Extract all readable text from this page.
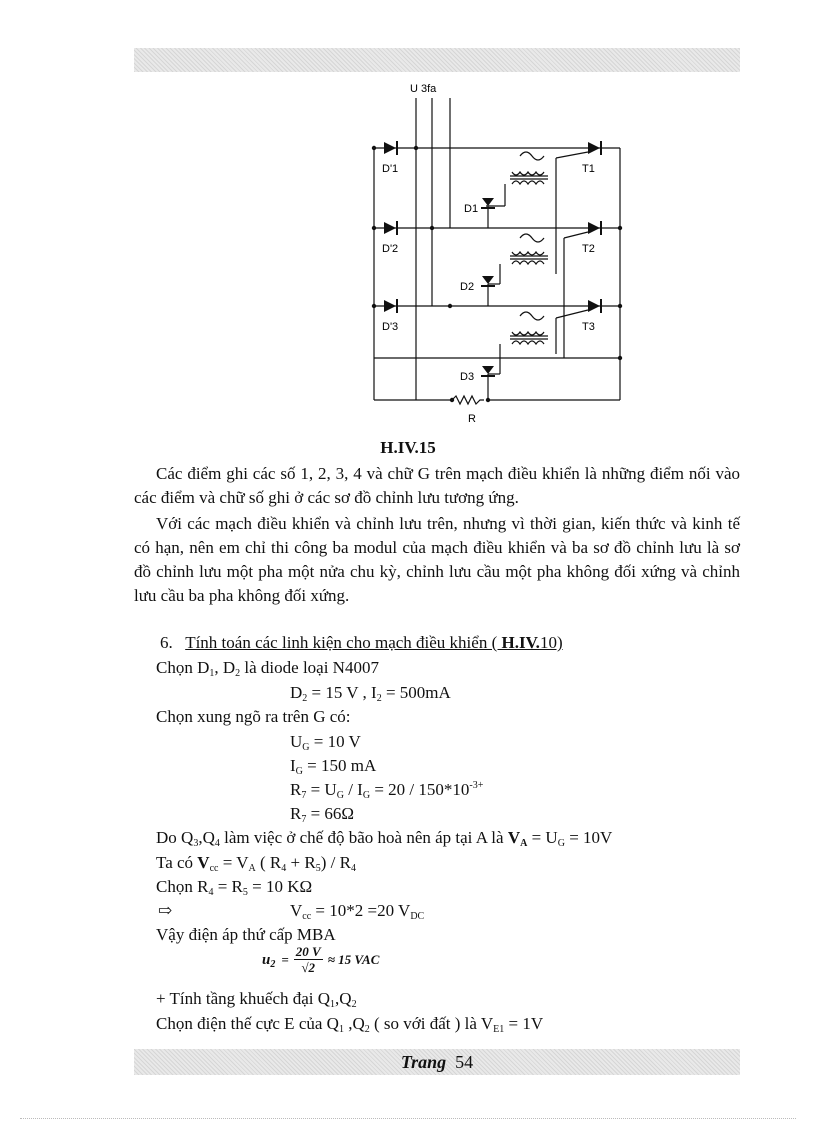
U 3fa
D'1
D'2
D'3
T1
T2
T3
D1
D2
D3
R
H.IV.15
Các điểm ghi các số 1, 2, 3, 4 và chữ G trên mạch điều khiển là những điểm nối vào các điểm và chữ số ghi ở các sơ đồ chỉnh lưu tương ứng.
Với các mạch điều khiển và chỉnh lưu trên, nhưng vì thời gian, kiến thức và kinh tế có hạn, nên em chỉ thi công ba modul của mạch điều khiển và ba sơ đồ chỉnh lưu là sơ đồ chỉnh lưu một pha một nửa chu kỳ, chỉnh lưu cầu một pha không đối xứng và chỉnh lưu cầu ba pha không đối xứng.
6. Tính toán các linh kiện cho mạch điều khiển ( H.IV.10)
Chọn $D_1$, $D_2$ là diode loại N4007
$D_2 = 15$ V , $I_2 = 500mA$
Chọn xung ngõ ra trên G có:
$U_G = 10$ V
$I_G = 150$ mA
$R_7 = U_G / I_G = 20 / 150*10^{-3+}$
$R_7 = 66\Omega$
Do $Q_3,Q_4$ làm việc ở chế độ bão hoà nên áp tại A là $V_A = U_G = 10V$
Ta có $V_{cc} = V_A$ ( $R_4 + R_5) / R_4$
Chọn $R_4 = R_5 = 10$ KΩ
⇨	$V_{cc} = 10*2 =20$ $V_{DC}$
Vậy điện áp thứ cấp MBA
$u_2 = \frac{20 V}{√2} \approx 15$ VAC
+ Tính tầng khuếch đại $Q_1,Q_2$
Chọn điện thế cực E của $Q_1$ $,Q_2$ ( so với đất ) là $V_{E1} = 1V$
Trang 54
